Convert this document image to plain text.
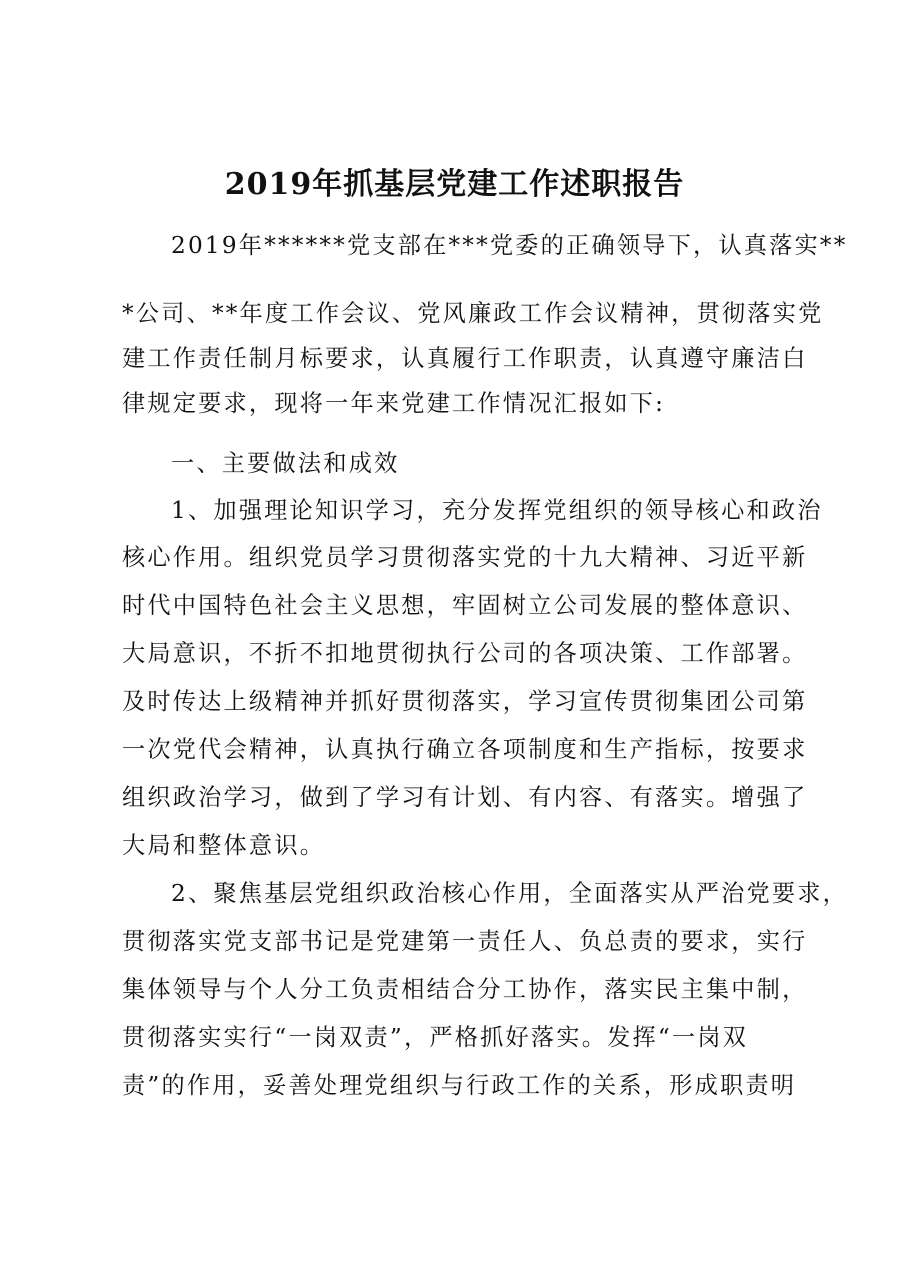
2019年抓基层党建工作述职报告
2019年******党支部在***党委的正确领导下，认真落实**
*公司、**年度工作会议、党风廉政工作会议精神，贯彻落实党
建工作责任制月标要求，认真履行工作职责，认真遵守廉洁白
律规定要求，现将一年来党建工作情况汇报如下:
一、主要做法和成效
1、加强理论知识学习，充分发挥党组织的领导核心和政治
核心作用。组织党员学习贯彻落实党的十九大精神、习近平新
时代中国特色社会主义思想，牢固树立公司发展的整体意识、
大局意识，不折不扣地贯彻执行公司的各项决策、工作部署。
及时传达上级精神并抓好贯彻落实，学习宣传贯彻集团公司第
一次党代会精神，认真执行确立各项制度和生产指标，按要求
组织政治学习，做到了学习有计划、有内容、有落实。增强了
大局和整体意识。
2、聚焦基层党组织政治核心作用，全面落实从严治党要求，
贯彻落实党支部书记是党建第一责任人、负总责的要求，实行
集体领导与个人分工负责相结合分工协作，落实民主集中制，
贯彻落实实行“一岗双责”，严格抓好落实。发挥“一岗双
责”的作用，妥善处理党组织与行政工作的关系，形成职责明
